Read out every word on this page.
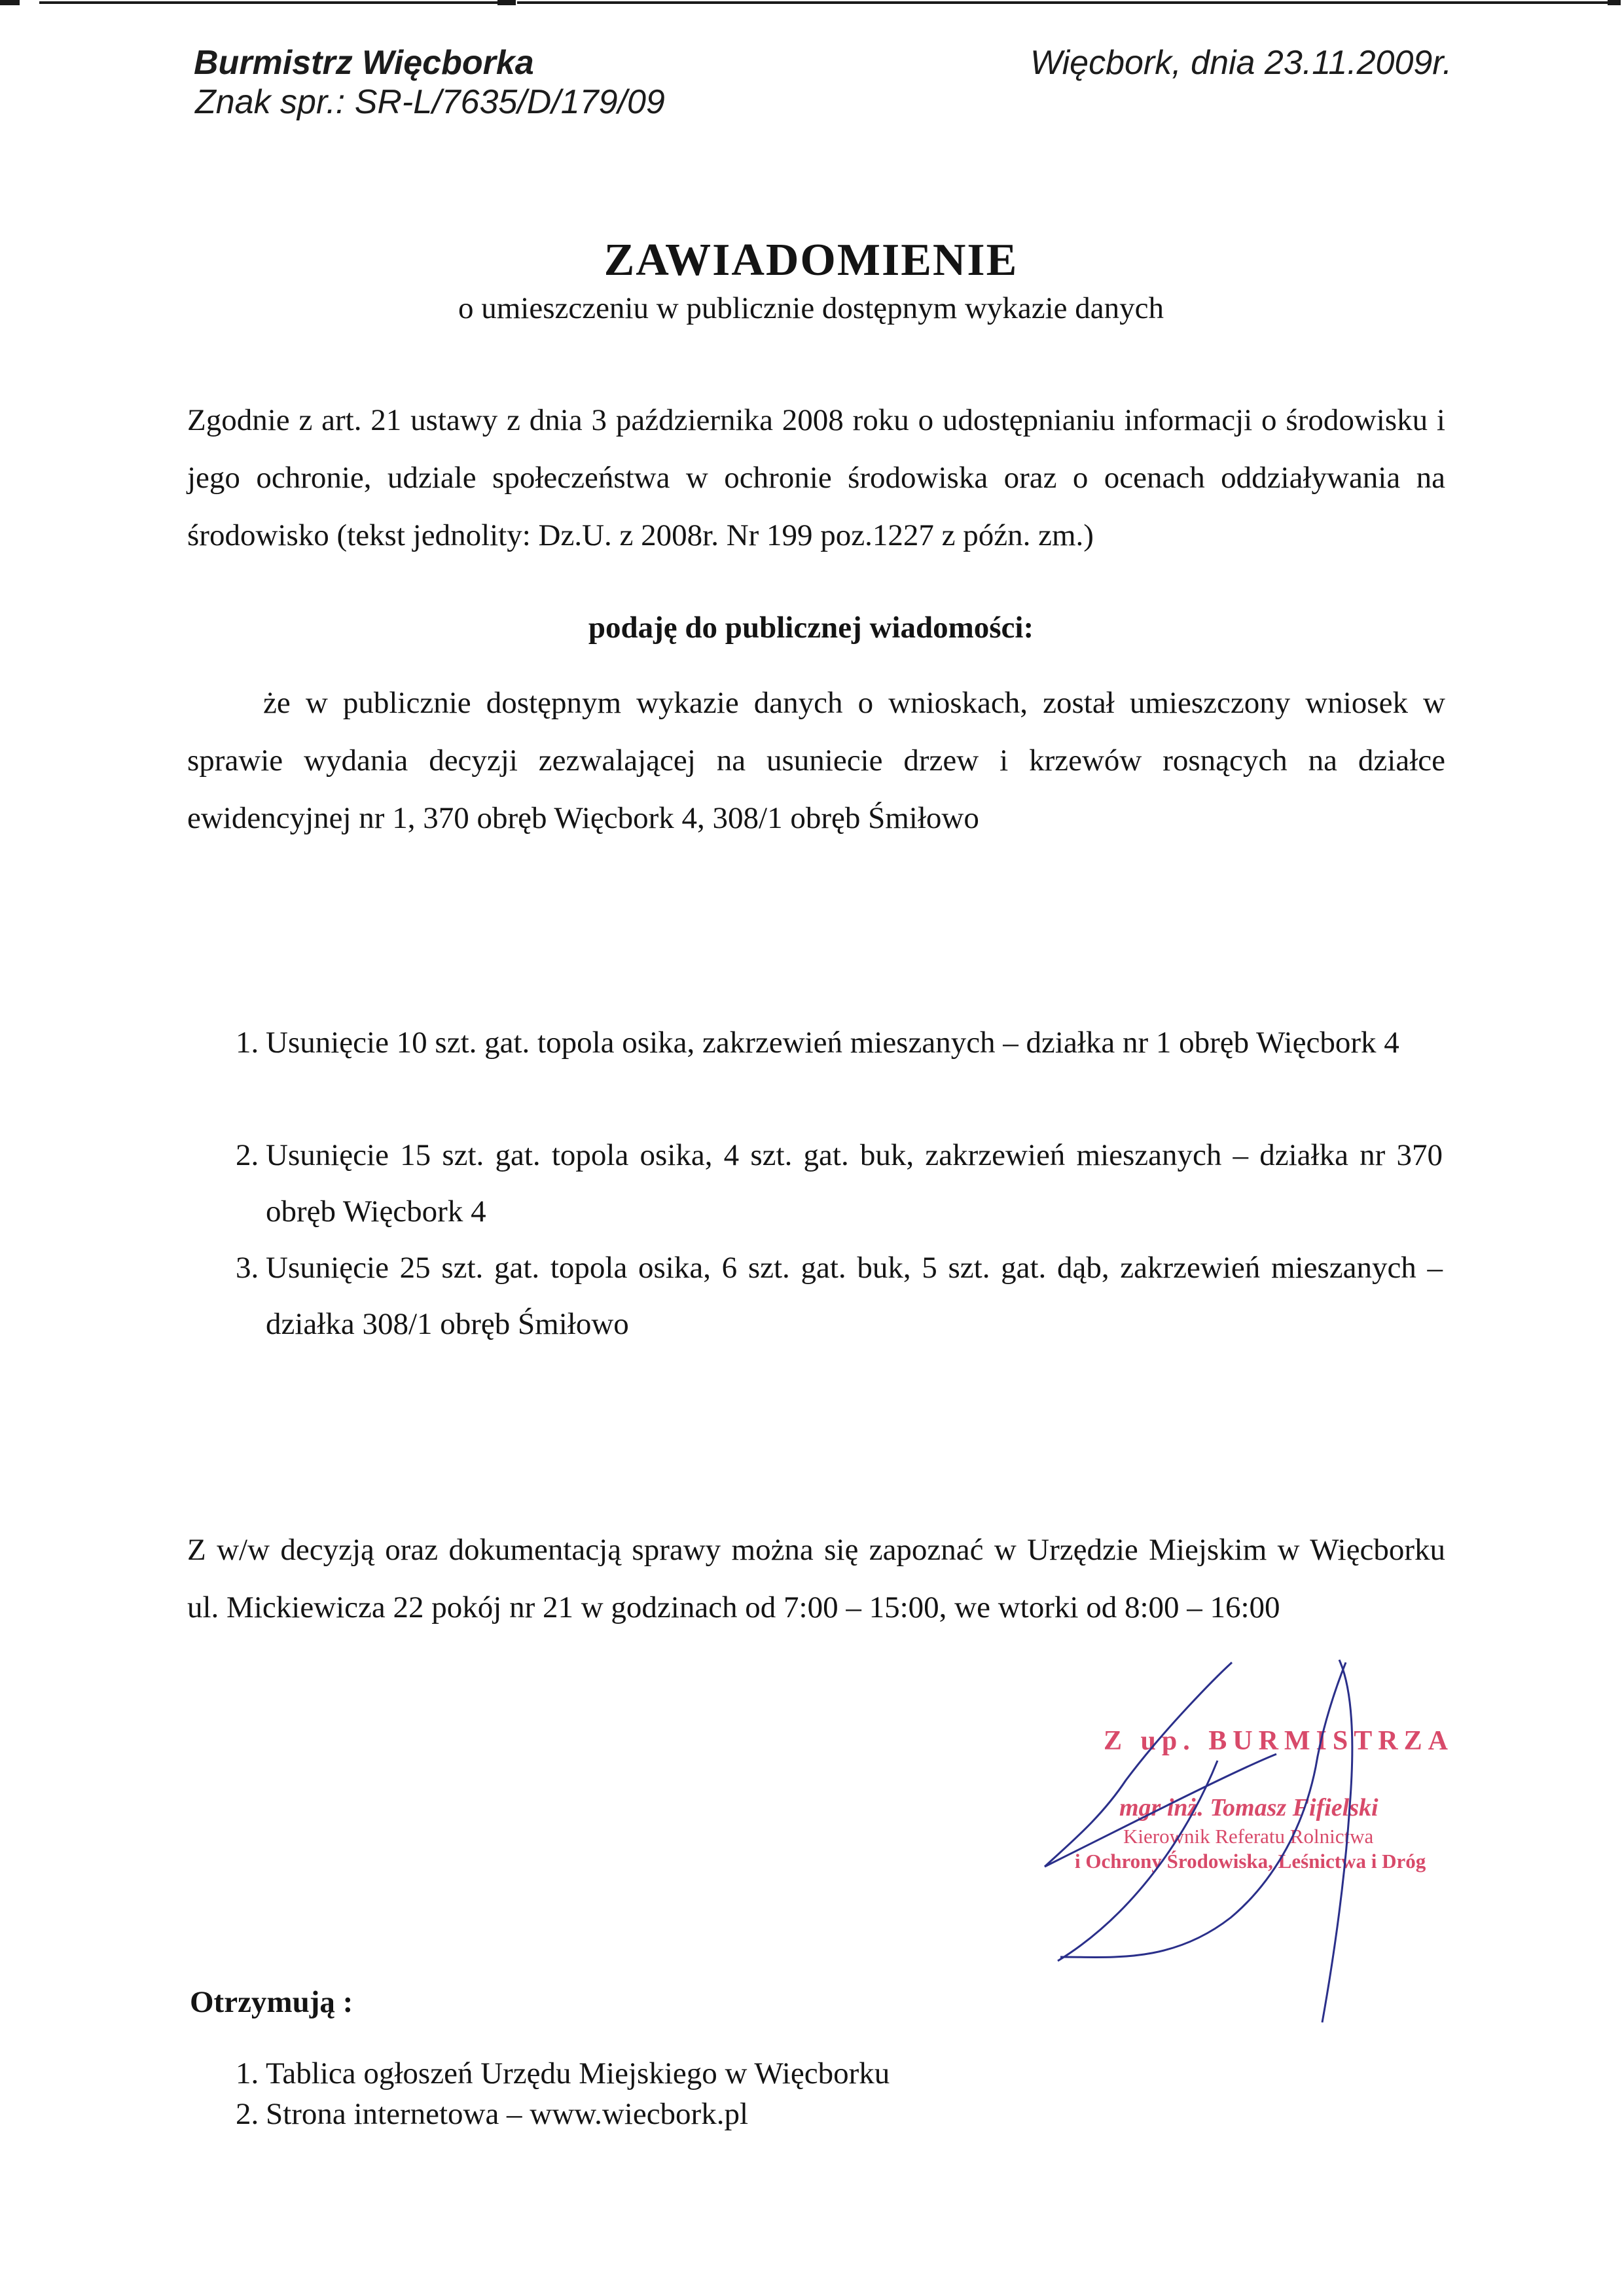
Burmistrz Więcborka
Znak spr.: SR-L/7635/D/179/09
Więcbork, dnia 23.11.2009r.
ZAWIADOMIENIE
o umieszczeniu w publicznie dostępnym wykazie danych
Zgodnie z art. 21 ustawy z dnia 3 października 2008 roku o udostępnianiu informacji o środowisku i jego ochronie, udziale społeczeństwa w ochronie środowiska oraz o ocenach oddziaływania na środowisko (tekst jednolity: Dz.U. z 2008r. Nr 199 poz.1227 z późn. zm.)
podaję do publicznej wiadomości:
że w publicznie dostępnym wykazie danych o wnioskach, został umieszczony wniosek w sprawie wydania decyzji zezwalającej na usuniecie drzew i krzewów rosnących na działce ewidencyjnej nr 1, 370 obręb Więcbork 4, 308/1 obręb Śmiłowo
1. Usunięcie 10 szt. gat. topola osika, zakrzewień mieszanych – działka nr 1 obręb Więcbork 4
2. Usunięcie 15 szt. gat. topola osika, 4 szt. gat. buk, zakrzewień mieszanych – działka nr 370 obręb Więcbork 4
3. Usunięcie 25 szt. gat. topola osika, 6 szt. gat. buk, 5 szt. gat. dąb, zakrzewień mieszanych – działka 308/1 obręb Śmiłowo
Z w/w decyzją oraz dokumentacją sprawy można się zapoznać w Urzędzie Miejskim w Więcborku ul. Mickiewicza 22 pokój nr 21 w godzinach od 7:00 – 15:00, we wtorki od 8:00 – 16:00
Z up. BURMISTRZA
mgr inż. Tomasz Fifielski
Kierownik Referatu Rolnictwa
i Ochrony Środowiska, Leśnictwa i Dróg
Otrzymują :
1. Tablica ogłoszeń Urzędu Miejskiego w Więcborku
2. Strona internetowa – www.wiecbork.pl
